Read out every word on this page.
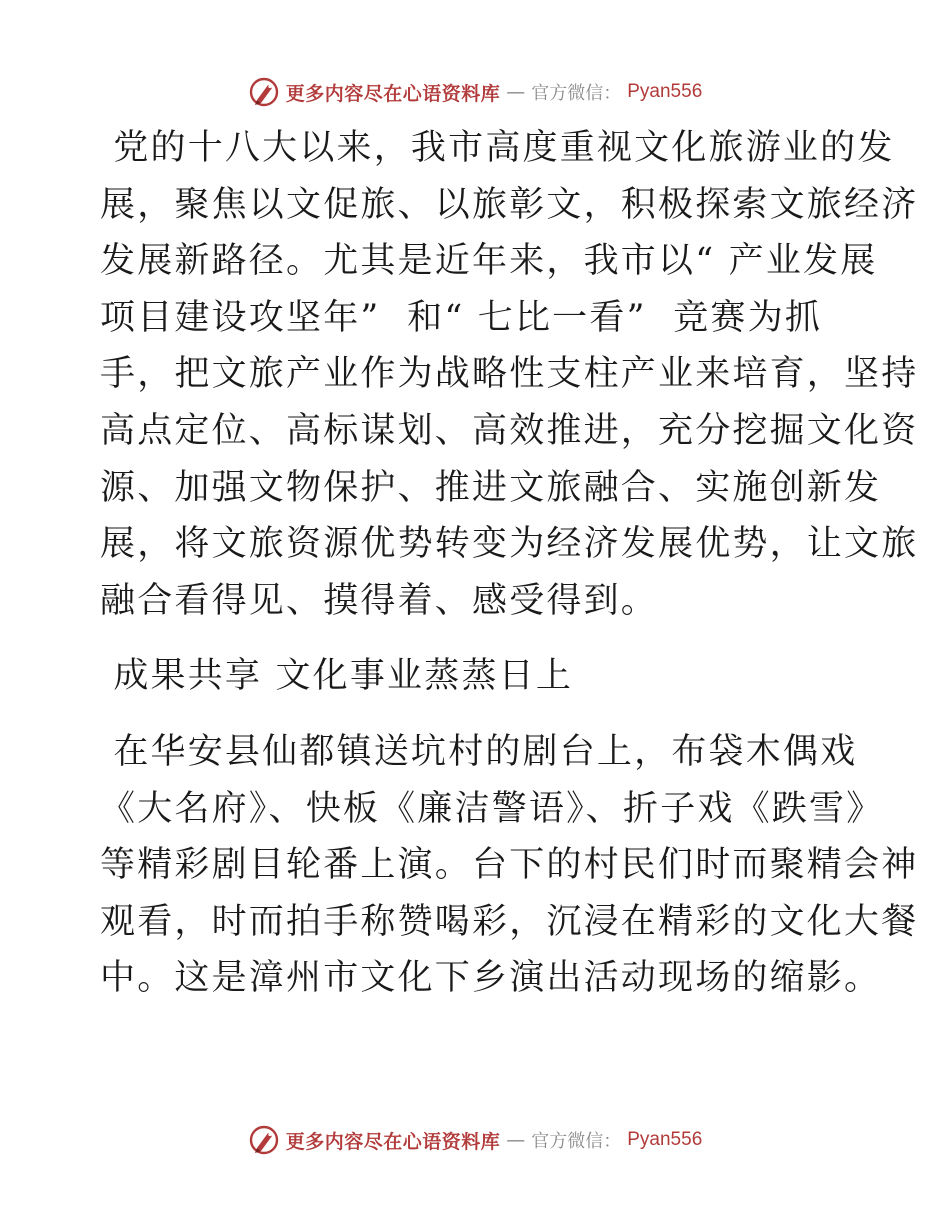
更多内容尽在心语资料库 — 官方微信： Pyan556

党的十八大以来，我市高度重视文化旅游业的发
展，聚焦以文促旅、以旅彰文，积极探索文旅经济
发展新路径。尤其是近年来，我市以“ 产业发展
项目建设攻坚年”  和“ 七比一看”  竞赛为抓
手，把文旅产业作为战略性支柱产业来培育，坚持
高点定位、高标谋划、高效推进，充分挖掘文化资
源、加强文物保护、推进文旅融合、实施创新发
展，将文旅资源优势转变为经济发展优势，让文旅
融合看得见、摸得着、感受得到。

成果共享 文化事业蒸蒸日上

在华安县仙都镇送坑村的剧台上，布袋木偶戏
《大名府》、快板《廉洁警语》、折子戏《跌雪》
等精彩剧目轮番上演。台下的村民们时而聚精会神
观看，时而拍手称赞喝彩，沉浸在精彩的文化大餐
中。这是漳州市文化下乡演出活动现场的缩影。

更多内容尽在心语资料库 — 官方微信： Pyan556
